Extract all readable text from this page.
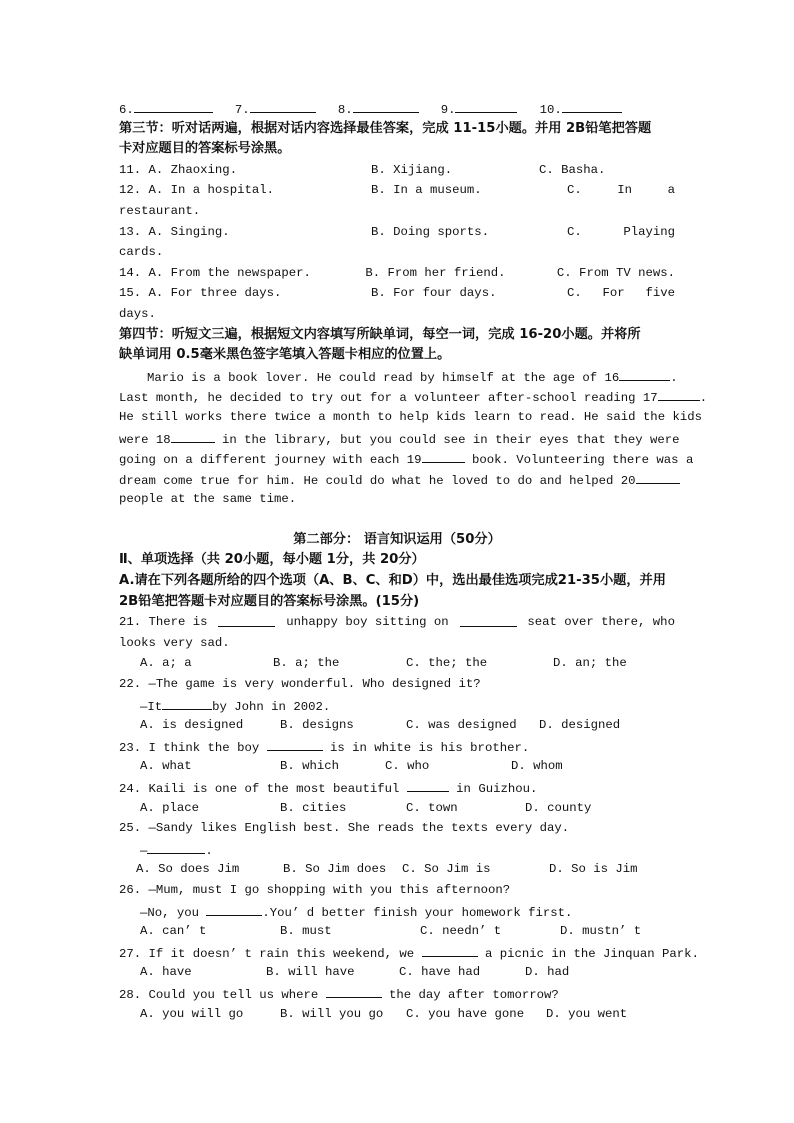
6.	7.	8.	9.	10.
第三节：听对话两遍，根据对话内容选择最佳答案，完成 11-15小题。并用 2B铅笔把答题
卡对应题目的答案标号涂黑。
11. A. Zhaoxing.	B. Xijiang.	C. Basha.
12. A. In a hospital.	B. In a museum.	C.	In	a
restaurant.
13. A. Singing.	B. Doing sports.	C.	Playing
cards.
14. A. From the newspaper.	B. From her friend.	C. From TV news.
15. A. For three days.	B. For four days.	C. For five
days.
第四节：听短文三遍，根据短文内容填写所缺单词，每空一词，完成 16-20小题。并将所
缺单词用 0.5毫米黑色签字笔填入答题卡相应的位置上。
Mario is a book lover. He could read by himself at the age of 16	.
Last month, he decided to try out for a volunteer after-school reading 17	.
He still works there twice a month to help kids learn to read. He said the kids
were 18	in the library, but you could see in their eyes that they were
going on a different journey with each 19	book. Volunteering there was a
dream come true for him. He could do what he loved to do and helped 20
people at the same time.
第二部分： 语言知识运用（50分）
Ⅱ、单项选择（共 20小题，每小题 1分，共 20分）
A.请在下列各题所给的四个选项（A、B、C、和D）中，选出最佳选项完成21-35小题，并用
2B铅笔把答题卡对应题目的答案标号涂黑。(15分)
21. There is	unhappy boy sitting on	seat over there, who
looks very sad.
A. a; a	B. a; the	C. the; the	D. an; the
22. —The game is very wonderful. Who designed it?
—It	by John in 2002.
A. is designed	B. designs	C. was designed	D. designed
23. I think the boy	is in white is his brother.
A. what	B. which	C. who	D. whom
24. Kaili is one of the most beautiful	in Guizhou.
A. place	B. cities	C. town	D. county
25. —Sandy likes English best. She reads the texts every day.
—	.
A. So does Jim	B. So Jim does	C. So Jim is	D. So is Jim
26. —Mum, must I go shopping with you this afternoon?
—No, you	.You’ d better finish your homework first.
A. can’ t	B. must	C. needn’ t	D. mustn’ t
27. If it doesn’ t rain this weekend, we	a picnic in the Jinquan Park.
A. have	B. will have	C. have had	D. had
28. Could you tell us where	the day after tomorrow?
A. you will go	B. will you go	C. you have gone	D. you went
